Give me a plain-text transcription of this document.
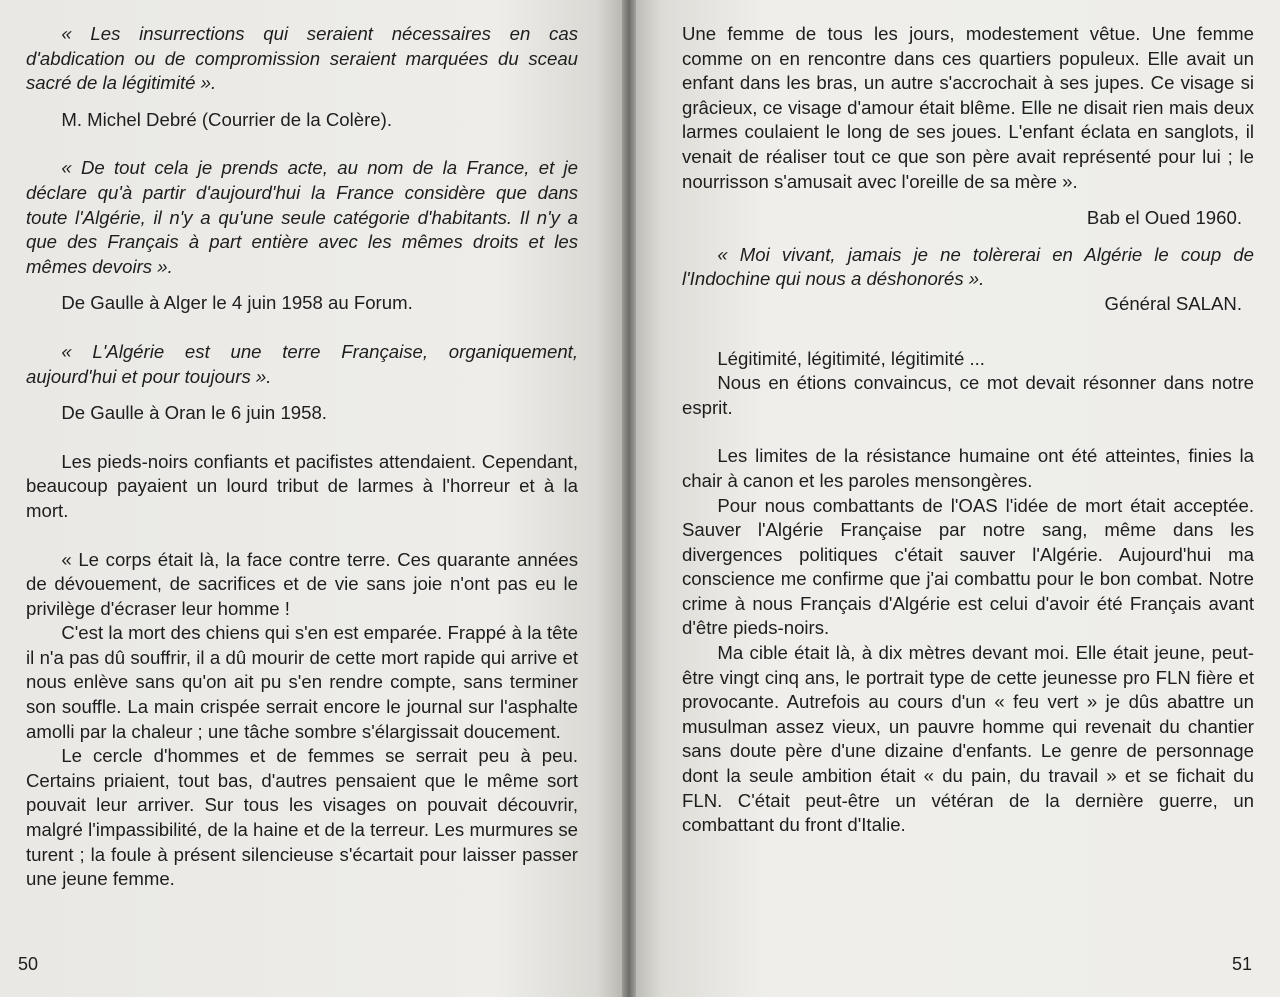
« Les insurrections qui seraient nécessaires en cas d'abdication ou de compromission seraient marquées du sceau sacré de la légitimité ».

M. Michel Debré (Courrier de la Colère).

« De tout cela je prends acte, au nom de la France, et je déclare qu'à partir d'aujourd'hui la France considère que dans toute l'Algérie, il n'y a qu'une seule catégorie d'habitants. Il n'y a que des Français à part entière avec les mêmes droits et les mêmes devoirs ».

De Gaulle à Alger le 4 juin 1958 au Forum.

« L'Algérie est une terre Française, organiquement, aujourd'hui et pour toujours ».

De Gaulle à Oran le 6 juin 1958.

Les pieds-noirs confiants et pacifistes attendaient. Cependant, beaucoup payaient un lourd tribut de larmes à l'horreur et à la mort.

« Le corps était là, la face contre terre. Ces quarante années de dévouement, de sacrifices et de vie sans joie n'ont pas eu le privilège d'écraser leur homme !

C'est la mort des chiens qui s'en est emparée. Frappé à la tête il n'a pas dû souffrir, il a dû mourir de cette mort rapide qui arrive et nous enlève sans qu'on ait pu s'en rendre compte, sans terminer son souffle. La main crispée serrait encore le journal sur l'asphalte amolli par la chaleur ; une tâche sombre s'élargissait doucement.

Le cercle d'hommes et de femmes se serrait peu à peu. Certains priaient, tout bas, d'autres pensaient que le même sort pouvait leur arriver. Sur tous les visages on pouvait découvrir, malgré l'impassibilité, de la haine et de la terreur. Les murmures se turent ; la foule à présent silencieuse s'écartait pour laisser passer une jeune femme.

50

Une femme de tous les jours, modestement vêtue. Une femme comme on en rencontre dans ces quartiers populeux. Elle avait un enfant dans les bras, un autre s'accrochait à ses jupes. Ce visage si grâcieux, ce visage d'amour était blême. Elle ne disait rien mais deux larmes coulaient le long de ses joues. L'enfant éclata en sanglots, il venait de réaliser tout ce que son père avait représenté pour lui ; le nourrisson s'amusait avec l'oreille de sa mère ».

Bab el Oued 1960.

« Moi vivant, jamais je ne tolèrerai en Algérie le coup de l'Indochine qui nous a déshonorés ».

Général SALAN.

Légitimité, légitimité, légitimité ...

Nous en étions convaincus, ce mot devait résonner dans notre esprit.

Les limites de la résistance humaine ont été atteintes, finies la chair à canon et les paroles mensongères.

Pour nous combattants de l'OAS l'idée de mort était acceptée. Sauver l'Algérie Française par notre sang, même dans les divergences politiques c'était sauver l'Algérie. Aujourd'hui ma conscience me confirme que j'ai combattu pour le bon combat. Notre crime à nous Français d'Algérie est celui d'avoir été Français avant d'être pieds-noirs.

Ma cible était là, à dix mètres devant moi. Elle était jeune, peut-être vingt cinq ans, le portrait type de cette jeunesse pro FLN fière et provocante. Autrefois au cours d'un « feu vert » je dûs abattre un musulman assez vieux, un pauvre homme qui revenait du chantier sans doute père d'une dizaine d'enfants. Le genre de personnage dont la seule ambition était « du pain, du travail » et se fichait du FLN. C'était peut-être un vétéran de la dernière guerre, un combattant du front d'Italie.

51
